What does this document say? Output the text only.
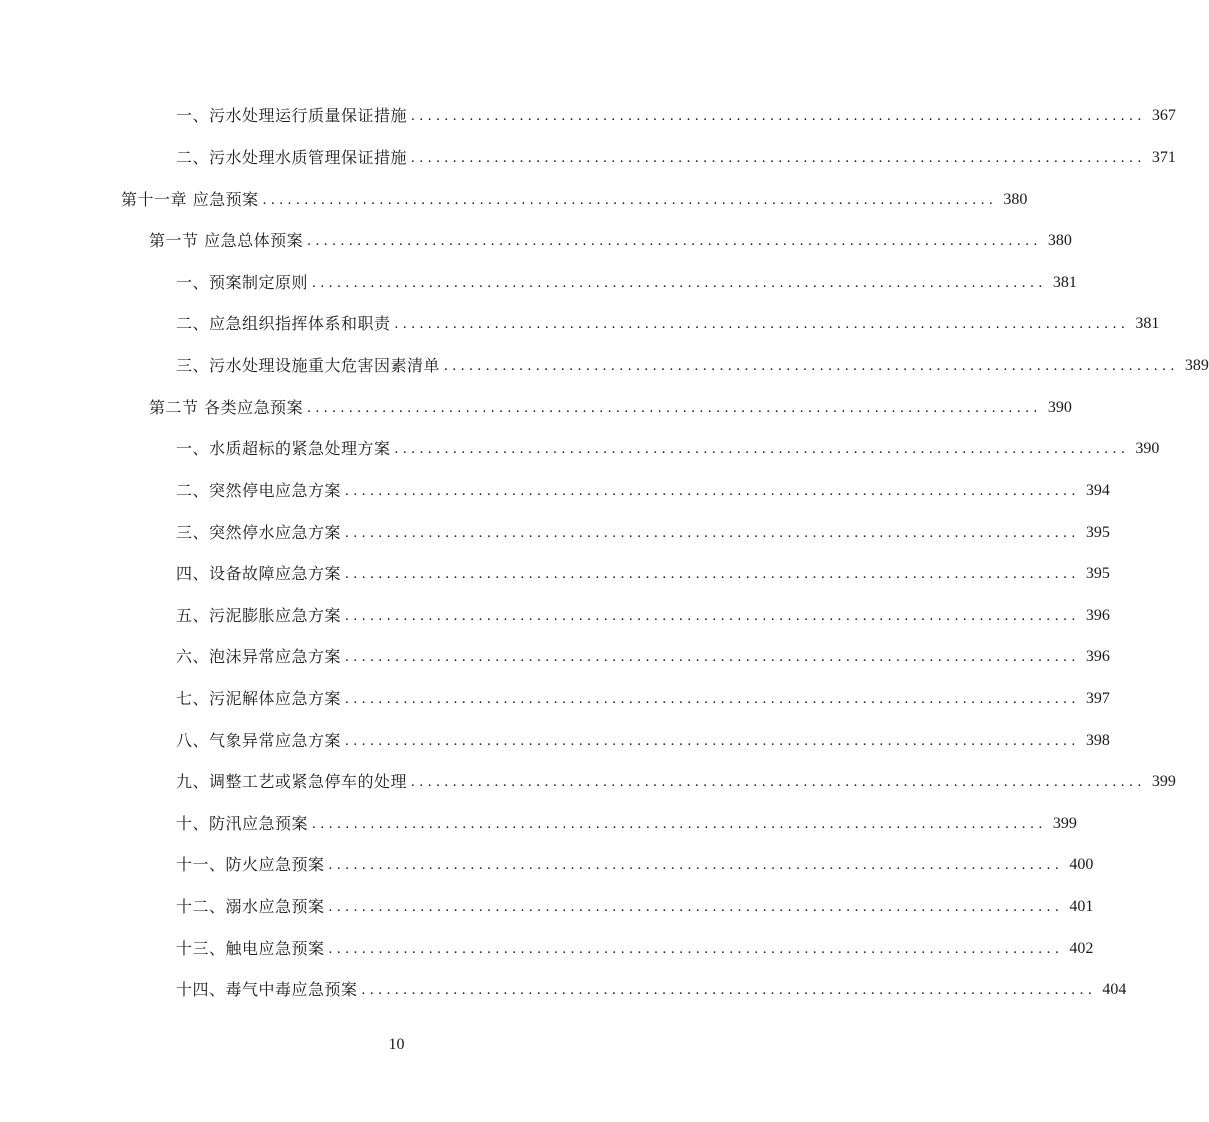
一、污水处理运行质量保证措施 ........................................................................................ 367
二、污水处理水质管理保证措施 ........................................................................................ 371
第十一章 应急预案 ........................................................................................ 380
第一节 应急总体预案 ........................................................................................ 380
一、预案制定原则 ........................................................................................ 381
二、应急组织指挥体系和职责 ........................................................................................ 381
三、污水处理设施重大危害因素清单 ........................................................................................ 389
第二节 各类应急预案 ........................................................................................ 390
一、水质超标的紧急处理方案 ........................................................................................ 390
二、突然停电应急方案 ........................................................................................ 394
三、突然停水应急方案 ........................................................................................ 395
四、设备故障应急方案 ........................................................................................ 395
五、污泥膨胀应急方案 ........................................................................................ 396
六、泡沫异常应急方案 ........................................................................................ 396
七、污泥解体应急方案 ........................................................................................ 397
八、气象异常应急方案 ........................................................................................ 398
九、调整工艺或紧急停车的处理 ........................................................................................ 399
十、防汛应急预案 ........................................................................................ 399
十一、防火应急预案 ........................................................................................ 400
十二、溺水应急预案 ........................................................................................ 401
十三、触电应急预案 ........................................................................................ 402
十四、毒气中毒应急预案 ........................................................................................ 404
10
